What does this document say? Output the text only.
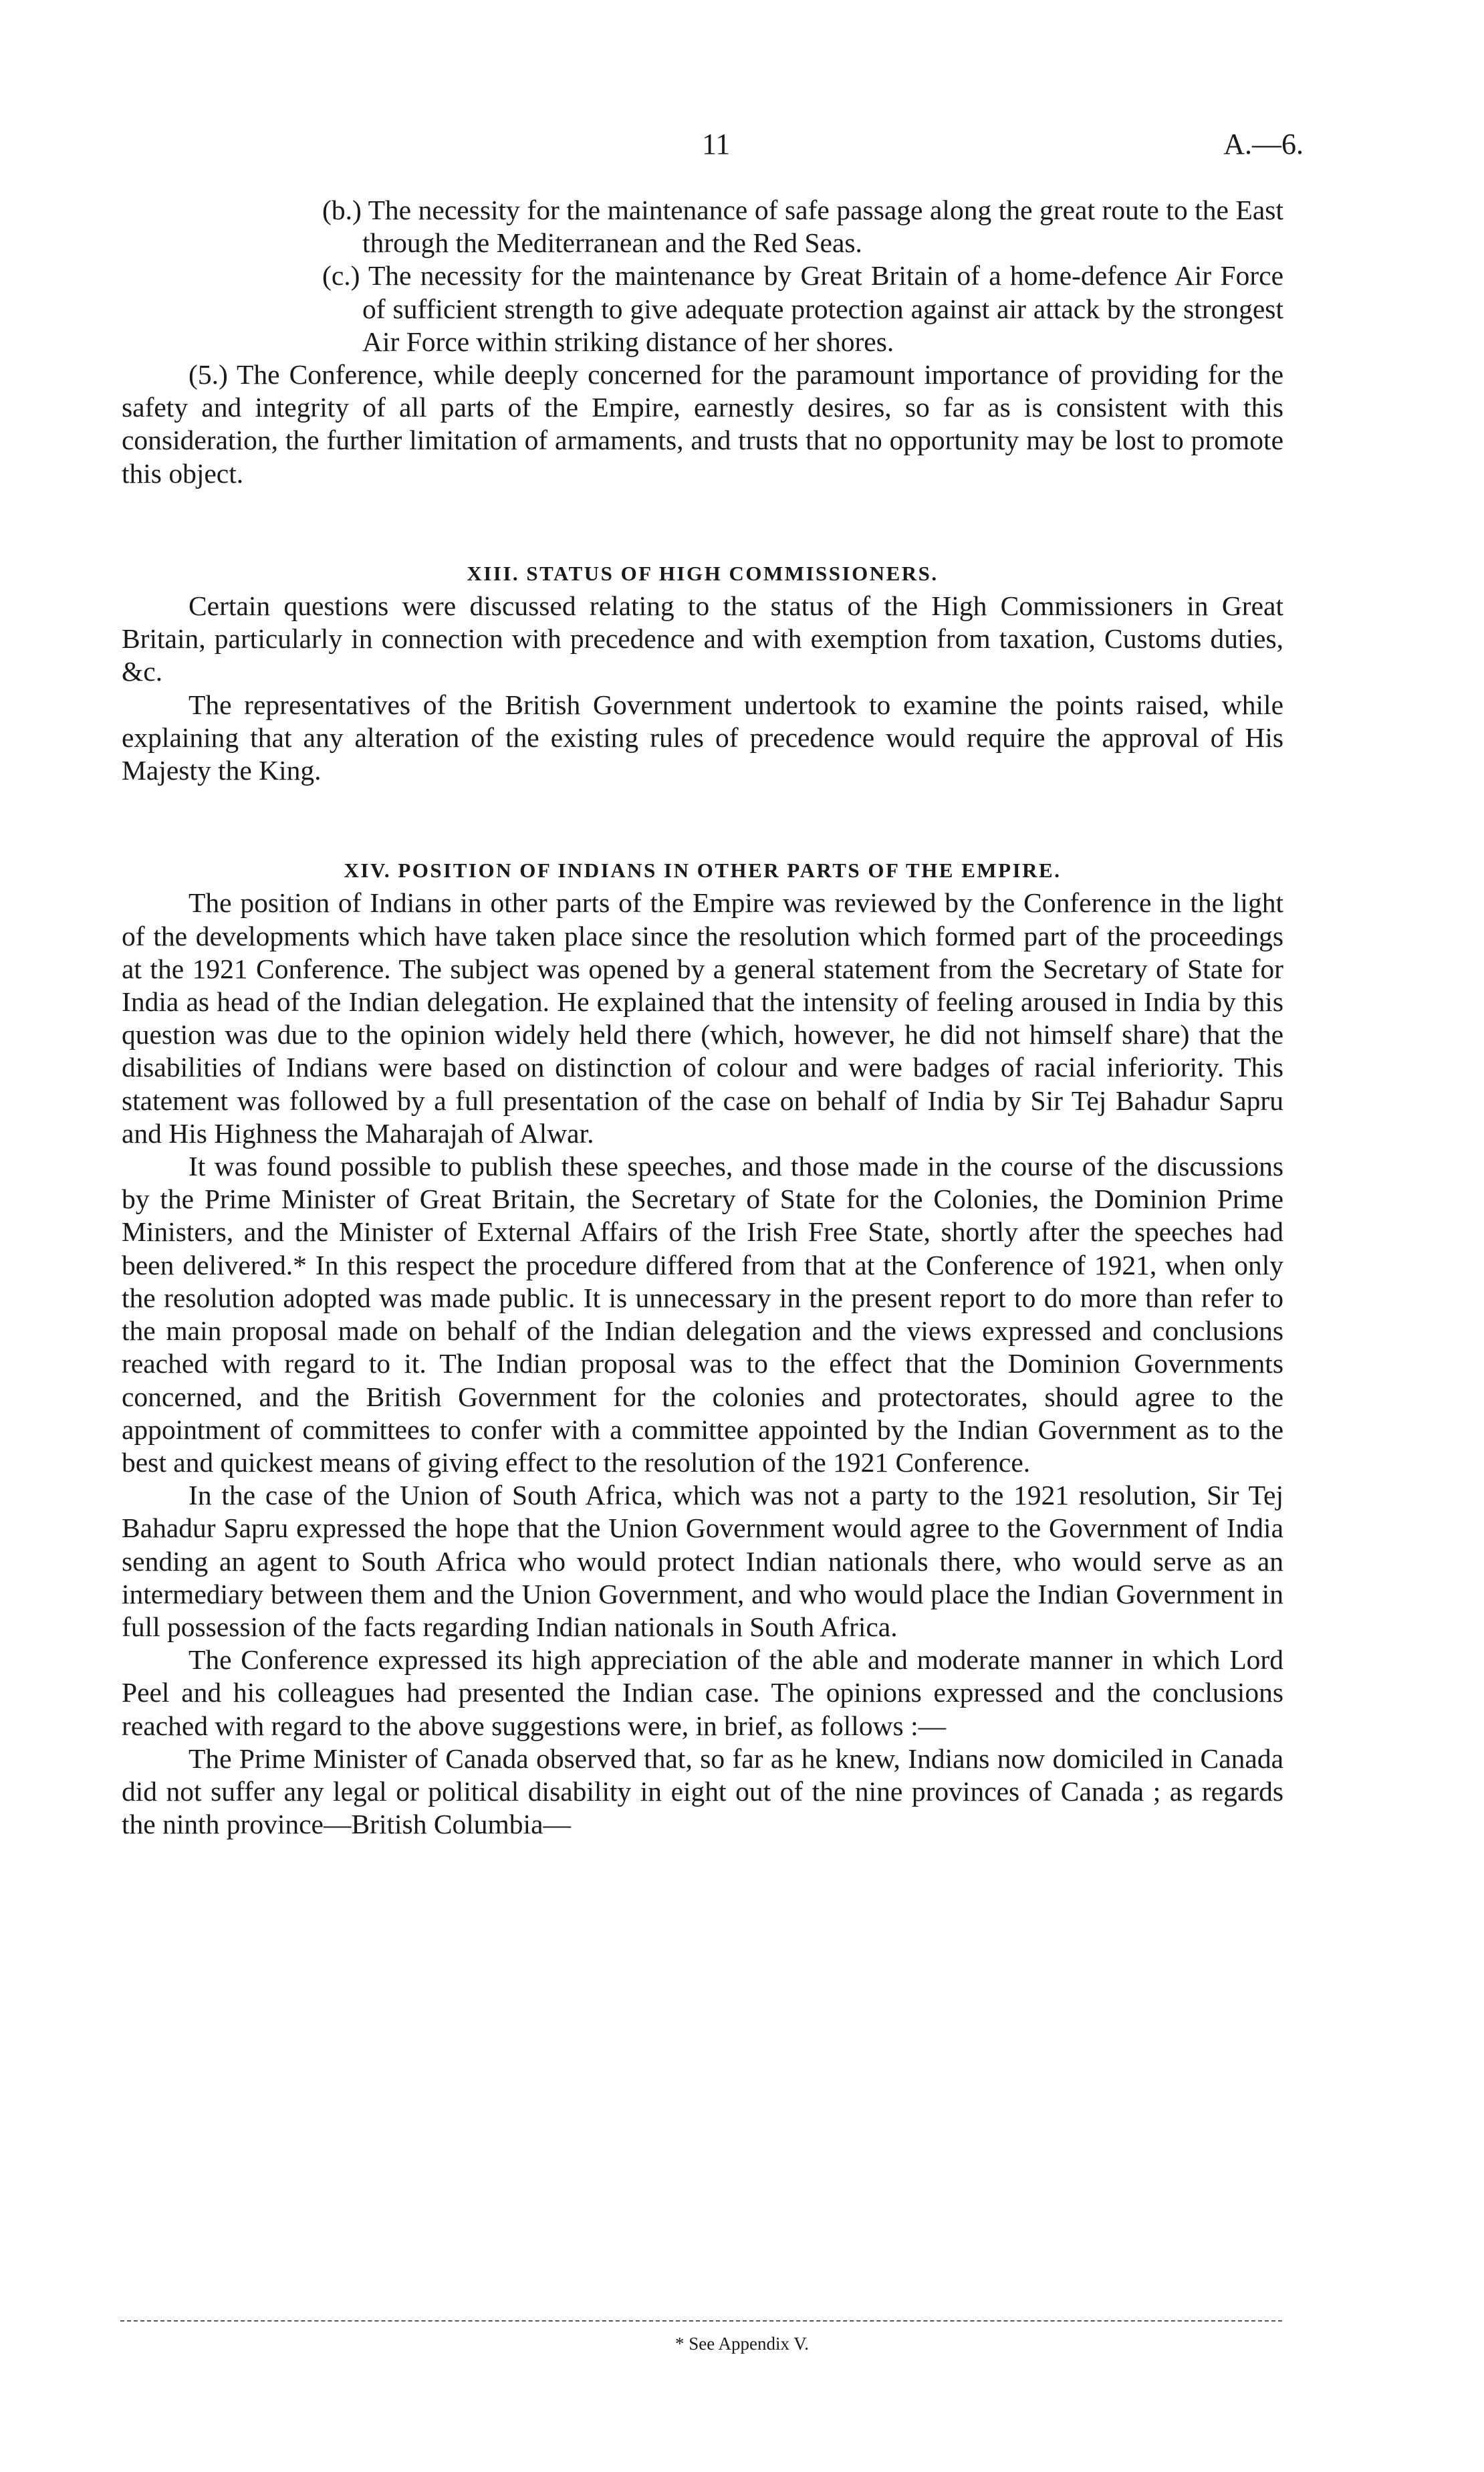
11	A.—6.

(b.) The necessity for the maintenance of safe passage along the great route to the East through the Mediterranean and the Red Seas.

(c.) The necessity for the maintenance by Great Britain of a home-defence Air Force of sufficient strength to give adequate protection against air attack by the strongest Air Force within striking distance of her shores.

(5.) The Conference, while deeply concerned for the paramount importance of providing for the safety and integrity of all parts of the Empire, earnestly desires, so far as is consistent with this consideration, the further limitation of armaments, and trusts that no opportunity may be lost to promote this object.

XIII. STATUS OF HIGH COMMISSIONERS.

Certain questions were discussed relating to the status of the High Commissioners in Great Britain, particularly in connection with precedence and with exemption from taxation, Customs duties, &c.

The representatives of the British Government undertook to examine the points raised, while explaining that any alteration of the existing rules of precedence would require the approval of His Majesty the King.

XIV. POSITION OF INDIANS IN OTHER PARTS OF THE EMPIRE.

The position of Indians in other parts of the Empire was reviewed by the Conference in the light of the developments which have taken place since the resolution which formed part of the proceedings at the 1921 Conference. The subject was opened by a general statement from the Secretary of State for India as head of the Indian delegation. He explained that the intensity of feeling aroused in India by this question was due to the opinion widely held there (which, however, he did not himself share) that the disabilities of Indians were based on distinction of colour and were badges of racial inferiority. This statement was followed by a full presentation of the case on behalf of India by Sir Tej Bahadur Sapru and His Highness the Maharajah of Alwar.

It was found possible to publish these speeches, and those made in the course of the discussions by the Prime Minister of Great Britain, the Secretary of State for the Colonies, the Dominion Prime Ministers, and the Minister of External Affairs of the Irish Free State, shortly after the speeches had been delivered.* In this respect the procedure differed from that at the Conference of 1921, when only the resolution adopted was made public. It is unnecessary in the present report to do more than refer to the main proposal made on behalf of the Indian delegation and the views expressed and conclusions reached with regard to it. The Indian proposal was to the effect that the Dominion Governments concerned, and the British Government for the colonies and protectorates, should agree to the appointment of committees to confer with a committee appointed by the Indian Government as to the best and quickest means of giving effect to the resolution of the 1921 Conference.

In the case of the Union of South Africa, which was not a party to the 1921 resolution, Sir Tej Bahadur Sapru expressed the hope that the Union Government would agree to the Government of India sending an agent to South Africa who would protect Indian nationals there, who would serve as an intermediary between them and the Union Government, and who would place the Indian Government in full possession of the facts regarding Indian nationals in South Africa.

The Conference expressed its high appreciation of the able and moderate manner in which Lord Peel and his colleagues had presented the Indian case. The opinions expressed and the conclusions reached with regard to the above suggestions were, in brief, as follows :—

The Prime Minister of Canada observed that, so far as he knew, Indians now domiciled in Canada did not suffer any legal or political disability in eight out of the nine provinces of Canada ; as regards the ninth province—British Columbia—

* See Appendix V.
